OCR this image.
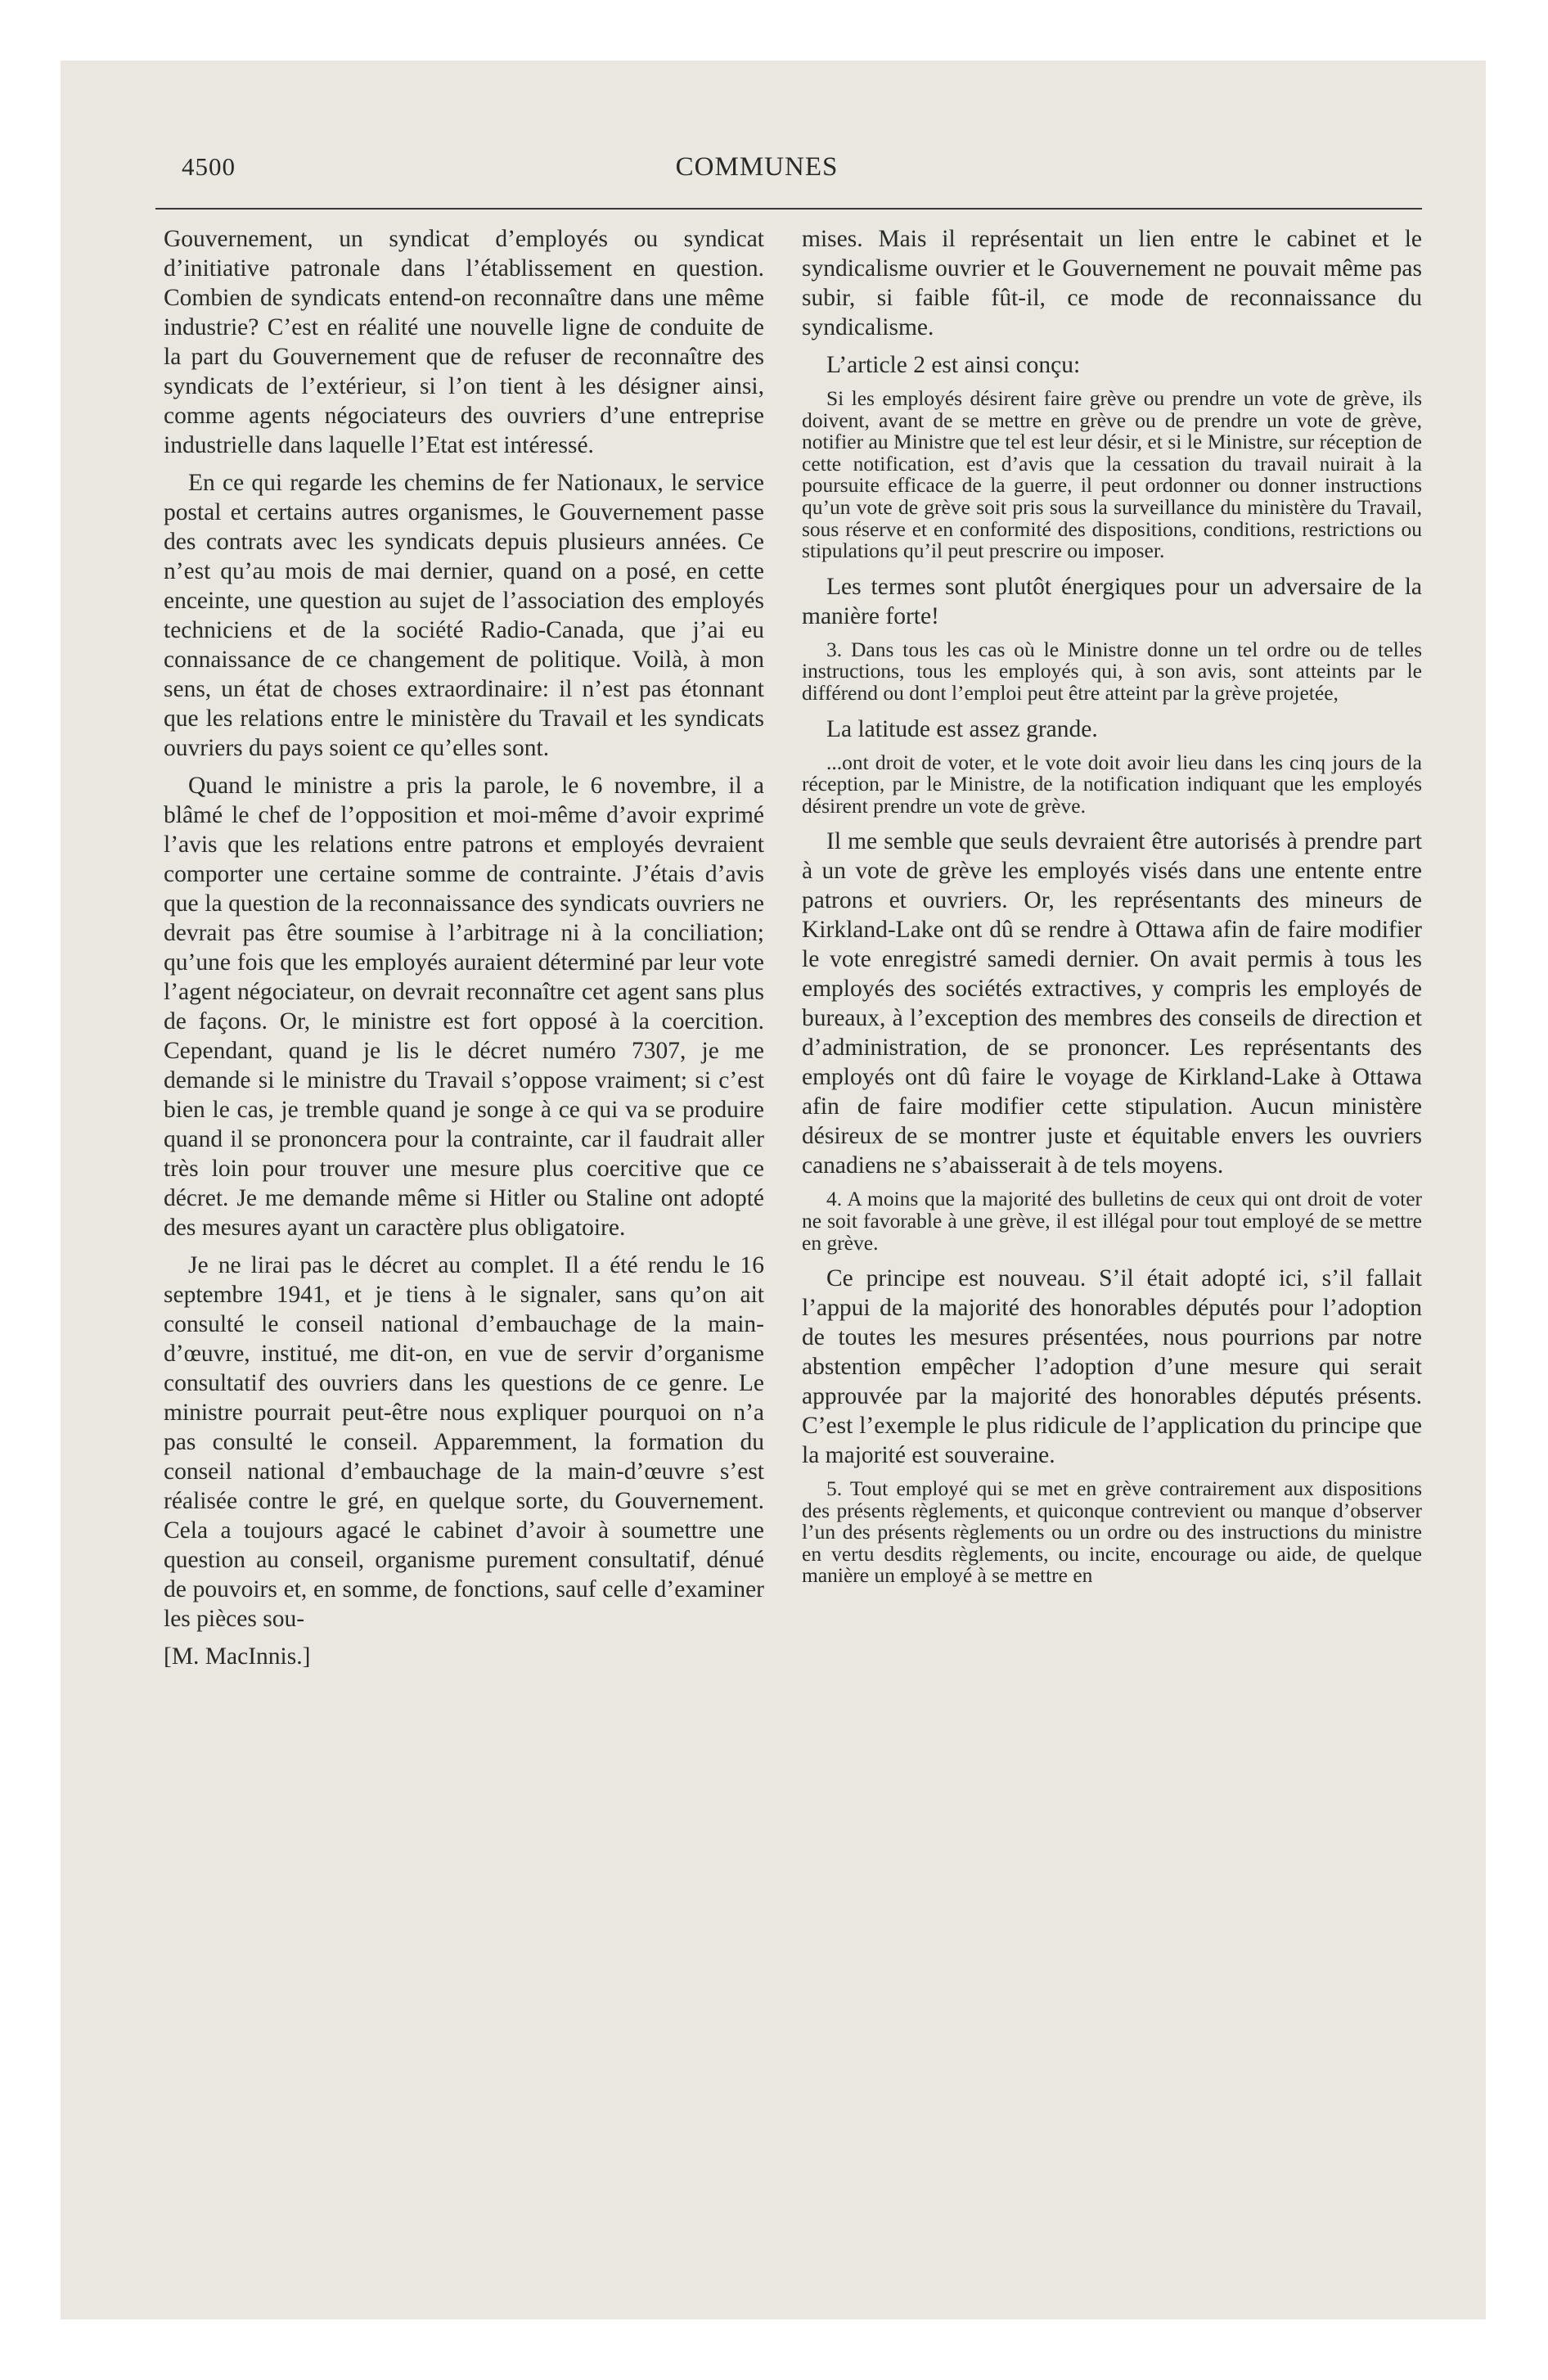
4500	COMMUNES

Gouvernement, un syndicat d’employés ou syndicat d’initiative patronale dans l’établissement en question. Combien de syndicats entend-on reconnaître dans une même industrie? C’est en réalité une nouvelle ligne de conduite de la part du Gouvernement que de refuser de reconnaître des syndicats de l’extérieur, si l’on tient à les désigner ainsi, comme agents négociateurs des ouvriers d’une entreprise industrielle dans laquelle l’Etat est intéressé.

En ce qui regarde les chemins de fer Nationaux, le service postal et certains autres organismes, le Gouvernement passe des contrats avec les syndicats depuis plusieurs années. Ce n’est qu’au mois de mai dernier, quand on a posé, en cette enceinte, une question au sujet de l’association des employés techniciens et de la société Radio-Canada, que j’ai eu connaissance de ce changement de politique. Voilà, à mon sens, un état de choses extraordinaire: il n’est pas étonnant que les relations entre le ministère du Travail et les syndicats ouvriers du pays soient ce qu’elles sont.

Quand le ministre a pris la parole, le 6 novembre, il a blâmé le chef de l’opposition et moi-même d’avoir exprimé l’avis que les relations entre patrons et employés devraient comporter une certaine somme de contrainte. J’étais d’avis que la question de la reconnaissance des syndicats ouvriers ne devrait pas être soumise à l’arbitrage ni à la conciliation; qu’une fois que les employés auraient déterminé par leur vote l’agent négociateur, on devrait reconnaître cet agent sans plus de façons. Or, le ministre est fort opposé à la coercition. Cependant, quand je lis le décret numéro 7307, je me demande si le ministre du Travail s’oppose vraiment; si c’est bien le cas, je tremble quand je songe à ce qui va se produire quand il se prononcera pour la contrainte, car il faudrait aller très loin pour trouver une mesure plus coercitive que ce décret. Je me demande même si Hitler ou Staline ont adopté des mesures ayant un caractère plus obligatoire.

Je ne lirai pas le décret au complet. Il a été rendu le 16 septembre 1941, et je tiens à le signaler, sans qu’on ait consulté le conseil national d’embauchage de la main-d’œuvre, institué, me dit-on, en vue de servir d’organisme consultatif des ouvriers dans les questions de ce genre. Le ministre pourrait peut-être nous expliquer pourquoi on n’a pas consulté le conseil. Apparemment, la formation du conseil national d’embauchage de la main-d’œuvre s’est réalisée contre le gré, en quelque sorte, du Gouvernement. Cela a toujours agacé le cabinet d’avoir à soumettre une question au conseil, organisme purement consultatif, dénué de pouvoirs et, en somme, de fonctions, sauf celle d’examiner les pièces sou-

[M. MacInnis.]

mises. Mais il représentait un lien entre le cabinet et le syndicalisme ouvrier et le Gouvernement ne pouvait même pas subir, si faible fût-il, ce mode de reconnaissance du syndicalisme.

L’article 2 est ainsi conçu:

Si les employés désirent faire grève ou prendre un vote de grève, ils doivent, avant de se mettre en grève ou de prendre un vote de grève, notifier au Ministre que tel est leur désir, et si le Ministre, sur réception de cette notification, est d’avis que la cessation du travail nuirait à la poursuite efficace de la guerre, il peut ordonner ou donner instructions qu’un vote de grève soit pris sous la surveillance du ministère du Travail, sous réserve et en conformité des dispositions, conditions, restrictions ou stipulations qu’il peut prescrire ou imposer.

Les termes sont plutôt énergiques pour un adversaire de la manière forte!

3. Dans tous les cas où le Ministre donne un tel ordre ou de telles instructions, tous les employés qui, à son avis, sont atteints par le différend ou dont l’emploi peut être atteint par la grève projetée,

La latitude est assez grande.

...ont droit de voter, et le vote doit avoir lieu dans les cinq jours de la réception, par le Ministre, de la notification indiquant que les employés désirent prendre un vote de grève.

Il me semble que seuls devraient être autorisés à prendre part à un vote de grève les employés visés dans une entente entre patrons et ouvriers. Or, les représentants des mineurs de Kirkland-Lake ont dû se rendre à Ottawa afin de faire modifier le vote enregistré samedi dernier. On avait permis à tous les employés des sociétés extractives, y compris les employés de bureaux, à l’exception des membres des conseils de direction et d’administration, de se prononcer. Les représentants des employés ont dû faire le voyage de Kirkland-Lake à Ottawa afin de faire modifier cette stipulation. Aucun ministère désireux de se montrer juste et équitable envers les ouvriers canadiens ne s’abaisserait à de tels moyens.

4. A moins que la majorité des bulletins de ceux qui ont droit de voter ne soit favorable à une grève, il est illégal pour tout employé de se mettre en grève.

Ce principe est nouveau. S’il était adopté ici, s’il fallait l’appui de la majorité des honorables députés pour l’adoption de toutes les mesures présentées, nous pourrions par notre abstention empêcher l’adoption d’une mesure qui serait approuvée par la majorité des honorables députés présents. C’est l’exemple le plus ridicule de l’application du principe que la majorité est souveraine.

5. Tout employé qui se met en grève contrairement aux dispositions des présents règlements, et quiconque contrevient ou manque d’observer l’un des présents règlements ou un ordre ou des instructions du ministre en vertu desdits règlements, ou incite, encourage ou aide, de quelque manière un employé à se mettre en
